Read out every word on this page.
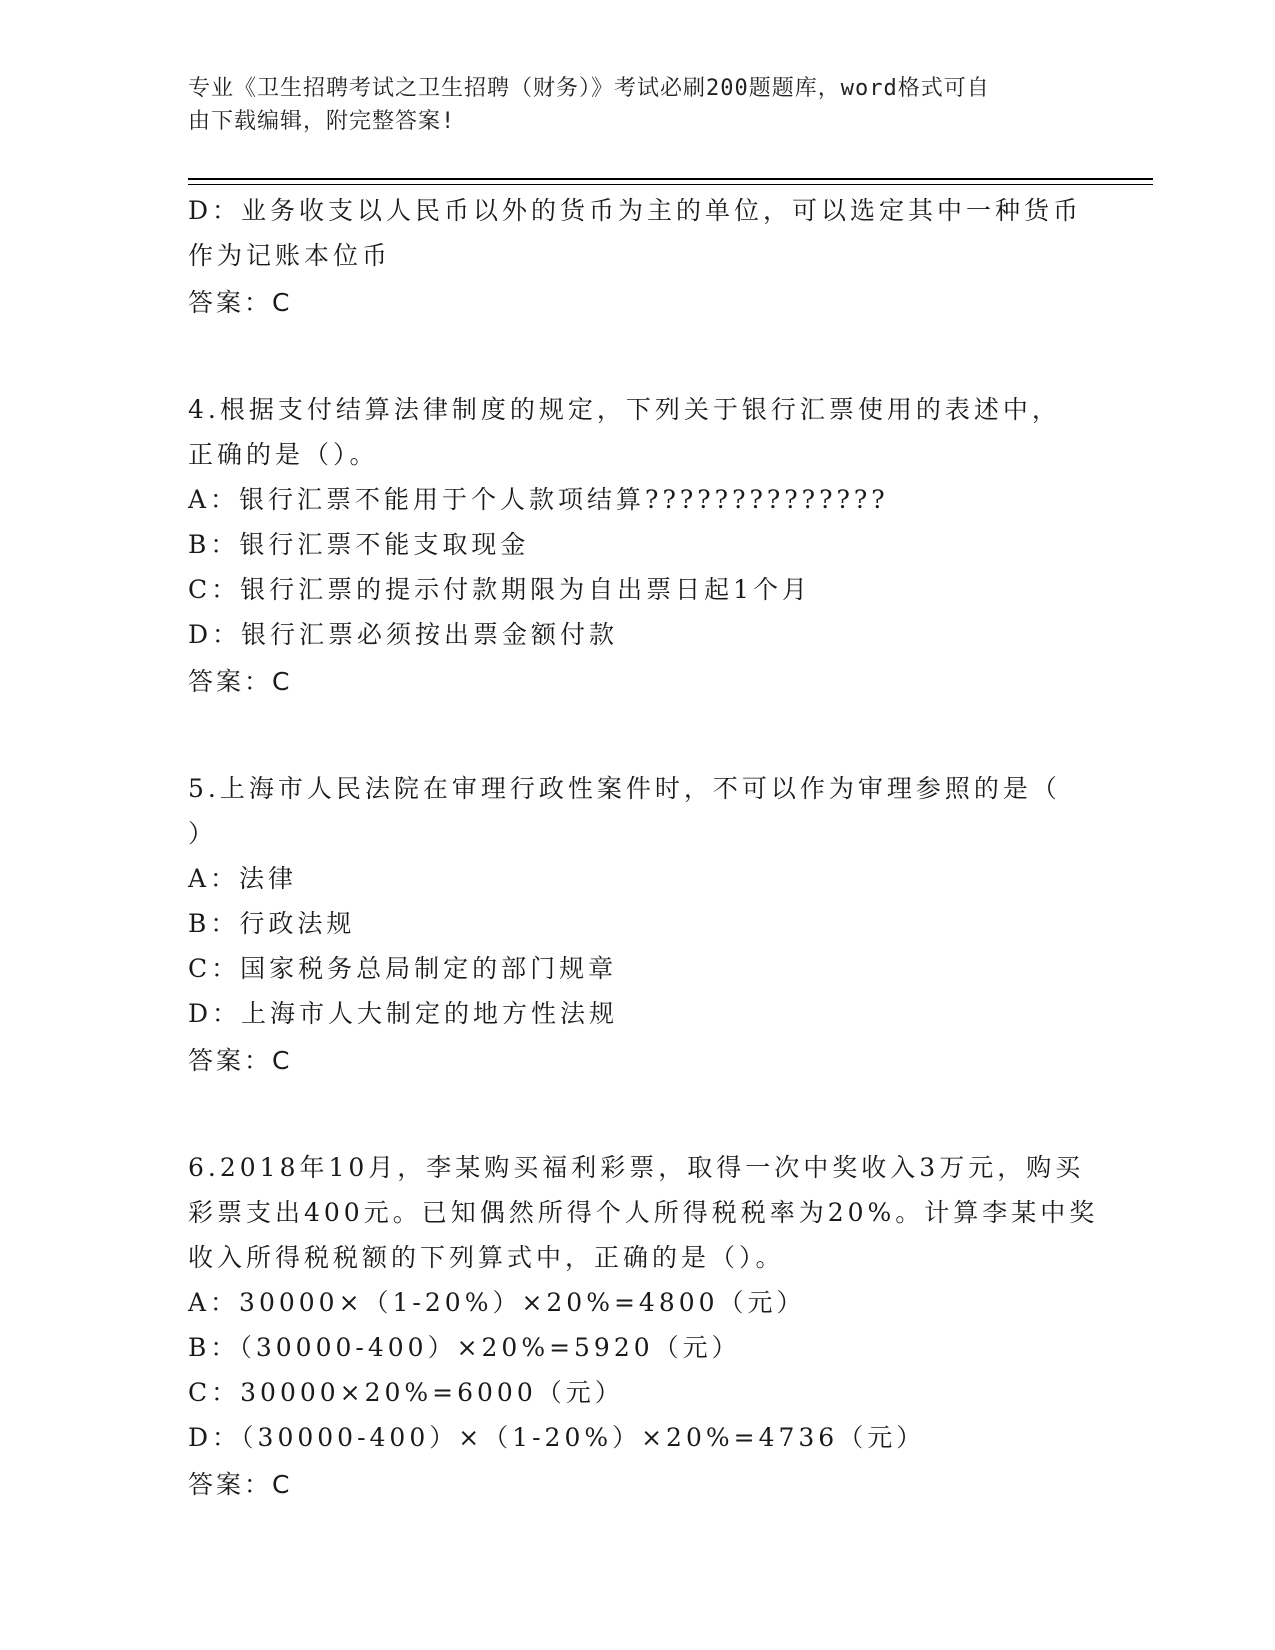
专业《卫生招聘考试之卫生招聘（财务）》考试必刷200题题库，word格式可自
由下载编辑，附完整答案!
D：业务收支以人民币以外的货币为主的单位，可以选定其中一种货币
作为记账本位币
答案：C
4.根据支付结算法律制度的规定，下列关于银行汇票使用的表述中，
正确的是（）。
A：银行汇票不能用于个人款项结算??????????????
B：银行汇票不能支取现金
C：银行汇票的提示付款期限为自出票日起1个月
D：银行汇票必须按出票金额付款
答案：C
5.上海市人民法院在审理行政性案件时，不可以作为审理参照的是（
）
A：法律
B：行政法规
C：国家税务总局制定的部门规章
D：上海市人大制定的地方性法规
答案：C
6.2018年10月，李某购买福利彩票，取得一次中奖收入3万元，购买
彩票支出400元。已知偶然所得个人所得税税率为20%。计算李某中奖
收入所得税税额的下列算式中，正确的是（）。
A：30000×（1-20%）×20%=4800（元）
B：（30000-400）×20%=5920（元）
C：30000×20%=6000（元）
D：（30000-400）×（1-20%）×20%=4736（元）
答案：C
